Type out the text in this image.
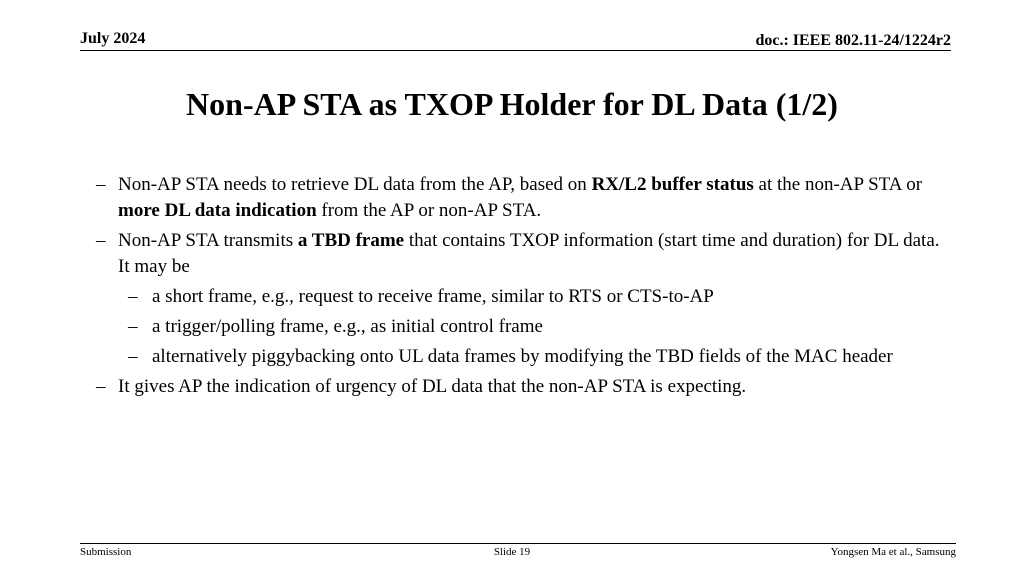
July 2024	doc.: IEEE 802.11-24/1224r2
Non-AP STA as TXOP Holder for DL Data (1/2)
– Non-AP STA needs to retrieve DL data from the AP, based on RX/L2 buffer status at the non-AP STA or more DL data indication from the AP or non-AP STA.
– Non-AP STA transmits a TBD frame that contains TXOP information (start time and duration) for DL data. It may be
– a short frame, e.g., request to receive frame, similar to RTS or CTS-to-AP
– a trigger/polling frame, e.g., as initial control frame
– alternatively piggybacking onto UL data frames by modifying the TBD fields of the MAC header
– It gives AP the indication of urgency of DL data that the non-AP STA is expecting.
Submission	Slide 19	Yongsen Ma et al., Samsung
